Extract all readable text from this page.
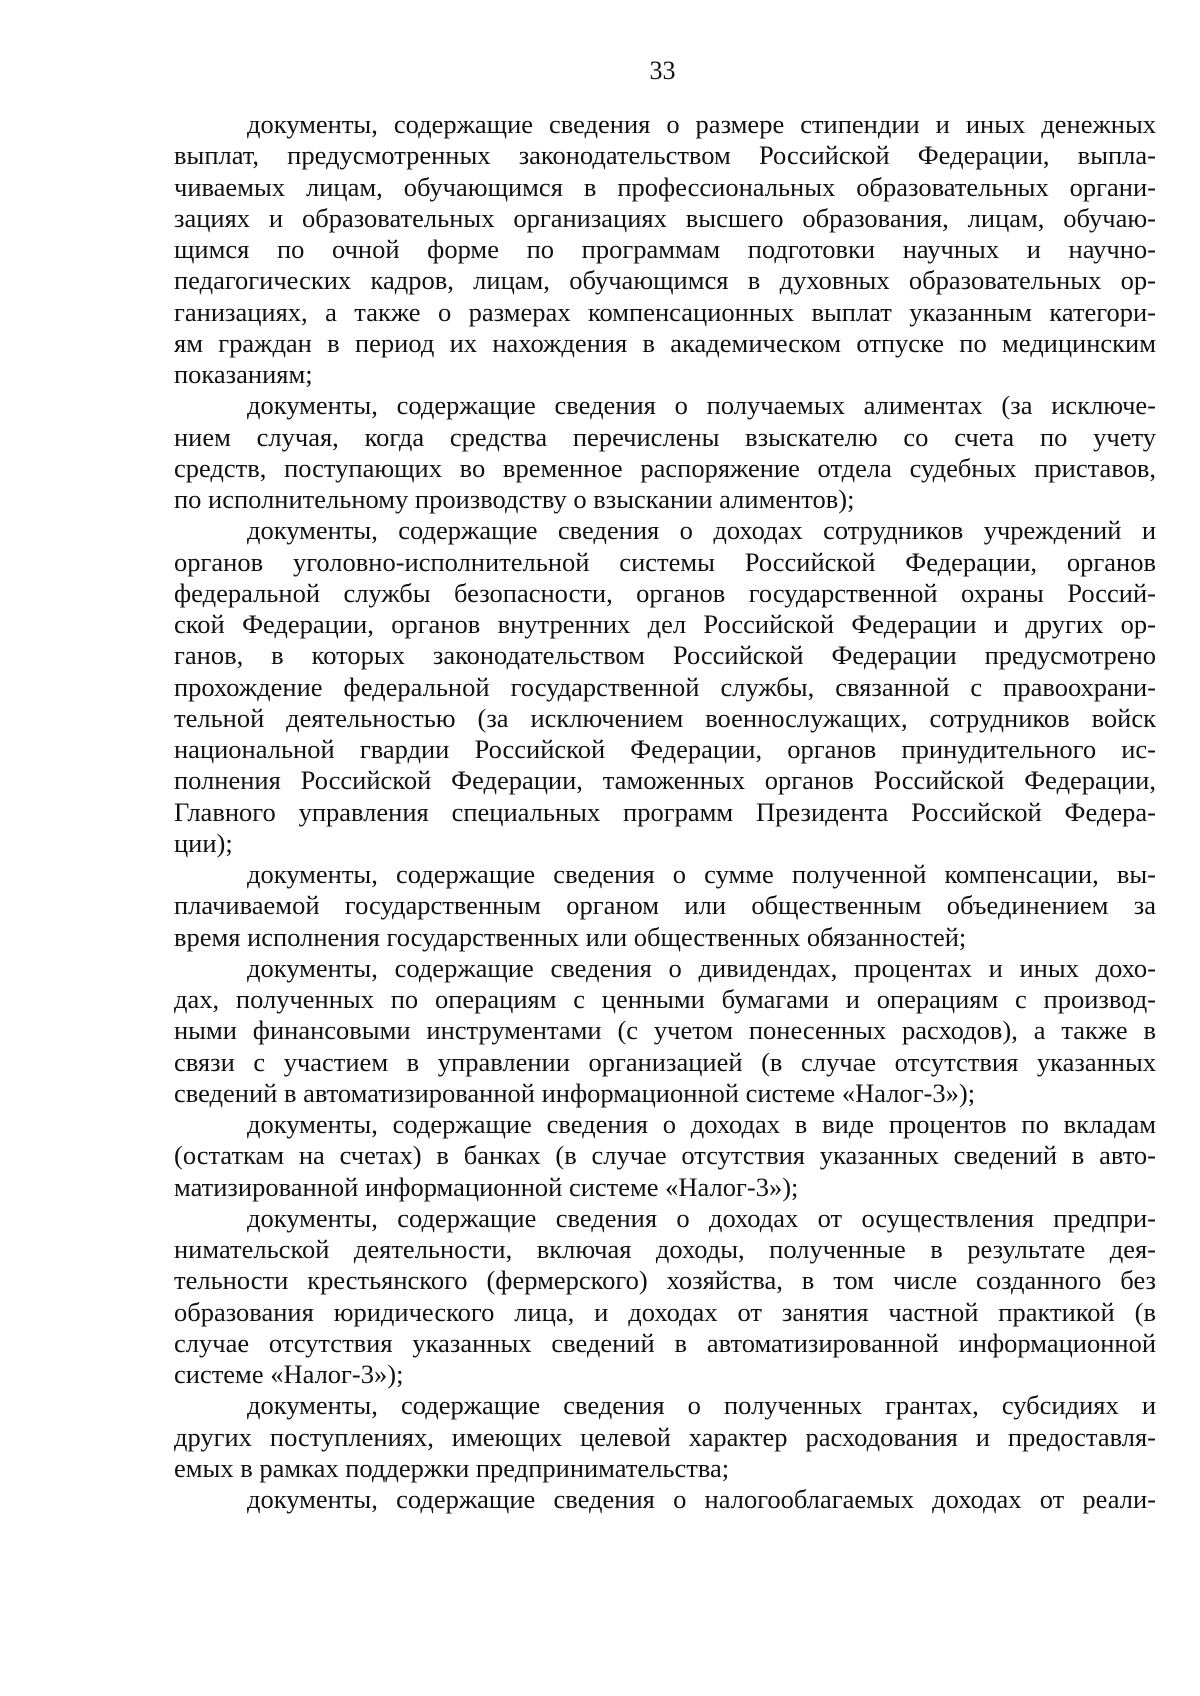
33

документы, содержащие сведения о размере стипендии и иных денежных
выплат, предусмотренных законодательством Российской Федерации, выпла-
чиваемых лицам, обучающимся в профессиональных образовательных органи-
зациях и образовательных организациях высшего образования, лицам, обучаю-
щимся по очной форме по программам подготовки научных и научно-
педагогических кадров, лицам, обучающимся в духовных образовательных ор-
ганизациях, а также о размерах компенсационных выплат указанным категори-
ям граждан в период их нахождения в академическом отпуске по медицинским
показаниям;

документы, содержащие сведения о получаемых алиментах (за исключе-
нием случая, когда средства перечислены взыскателю со счета по учету
средств, поступающих во временное распоряжение отдела судебных приставов,
по исполнительному производству о взыскании алиментов);

документы, содержащие сведения о доходах сотрудников учреждений и
органов уголовно-исполнительной системы Российской Федерации, органов
федеральной службы безопасности, органов государственной охраны Россий-
ской Федерации, органов внутренних дел Российской Федерации и других ор-
ганов, в которых законодательством Российской Федерации предусмотрено
прохождение федеральной государственной службы, связанной с правоохрани-
тельной деятельностью (за исключением военнослужащих, сотрудников войск
национальной гвардии Российской Федерации, органов принудительного ис-
полнения Российской Федерации, таможенных органов Российской Федерации,
Главного управления специальных программ Президента Российской Федера-
ции);

документы, содержащие сведения о сумме полученной компенсации, вы-
плачиваемой государственным органом или общественным объединением за
время исполнения государственных или общественных обязанностей;

документы, содержащие сведения о дивидендах, процентах и иных дохо-
дах, полученных по операциям с ценными бумагами и операциям с производ-
ными финансовыми инструментами (с учетом понесенных расходов), а также в
связи с участием в управлении организацией (в случае отсутствия указанных
сведений в автоматизированной информационной системе «Налог-3»);

документы, содержащие сведения о доходах в виде процентов по вкладам
(остаткам на счетах) в банках (в случае отсутствия указанных сведений в авто-
матизированной информационной системе «Налог-3»);

документы, содержащие сведения о доходах от осуществления предпри-
нимательской деятельности, включая доходы, полученные в результате дея-
тельности крестьянского (фермерского) хозяйства, в том числе созданного без
образования юридического лица, и доходах от занятия частной практикой (в
случае отсутствия указанных сведений в автоматизированной информационной
системе «Налог-3»);

документы, содержащие сведения о полученных грантах, субсидиях и
других поступлениях, имеющих целевой характер расходования и предоставля-
емых в рамках поддержки предпринимательства;

документы, содержащие сведения о налогооблагаемых доходах от реали-
